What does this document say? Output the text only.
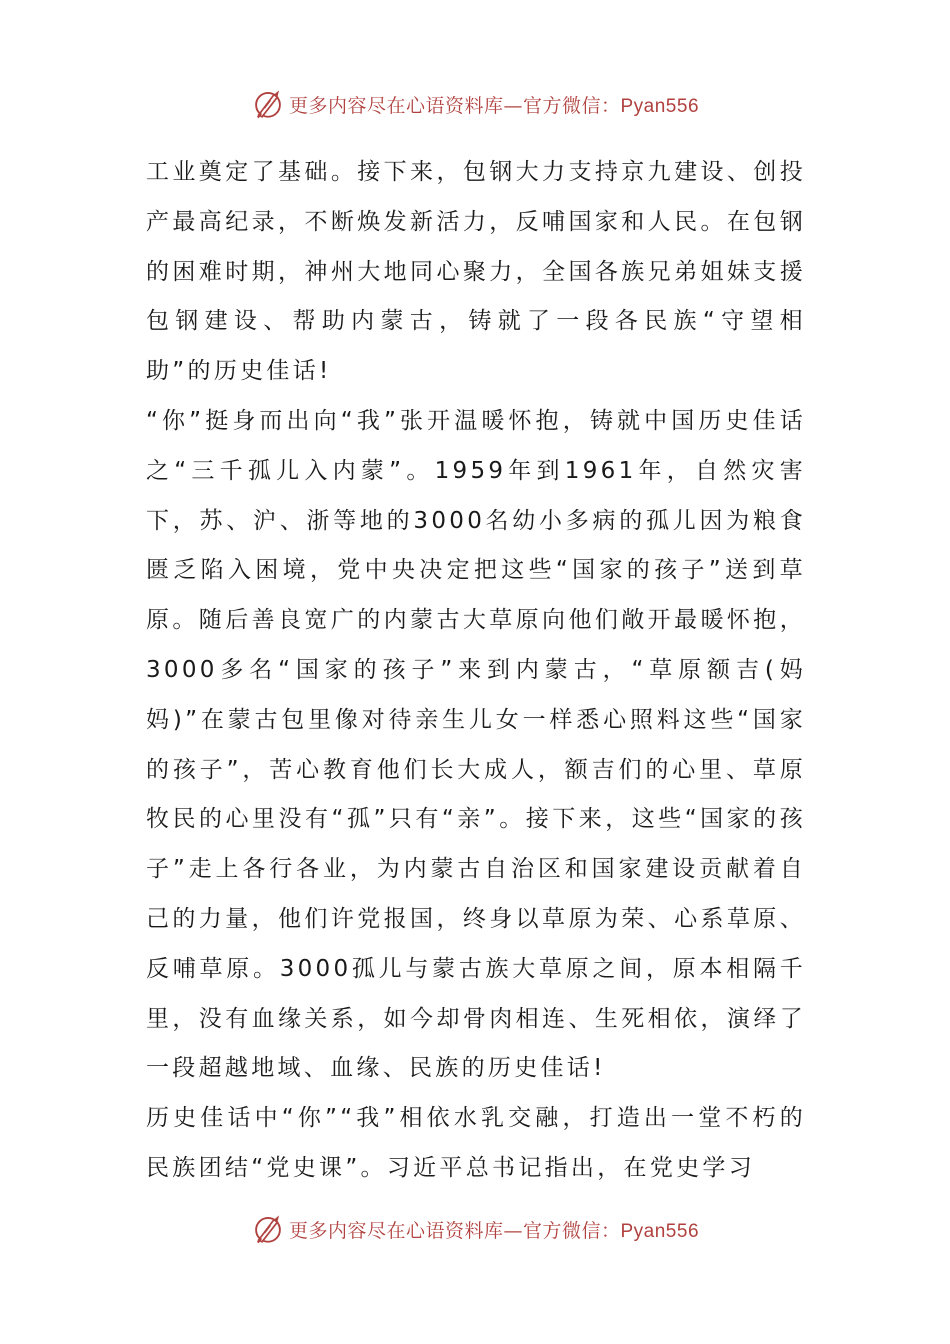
更多内容尽在心语资料库—官方微信：Pyan556

工业奠定了基础。接下来，包钢大力支持京九建设、创投产最高纪录，不断焕发新活力，反哺国家和人民。在包钢的困难时期，神州大地同心聚力，全国各族兄弟姐妹支援包钢建设、帮助内蒙古，铸就了一段各民族“守望相助”的历史佳话!

“你”挺身而出向“我”张开温暖怀抱，铸就中国历史佳话之“三千孤儿入内蒙”。1959年到1961年，自然灾害下，苏、沪、浙等地的3000名幼小多病的孤儿因为粮食匮乏陷入困境，党中央决定把这些“国家的孩子”送到草原。随后善良宽广的内蒙古大草原向他们敞开最暖怀抱，3000多名“国家的孩子”来到内蒙古，“草原额吉(妈妈)”在蒙古包里像对待亲生儿女一样悉心照料这些“国家的孩子”，苦心教育他们长大成人，额吉们的心里、草原牧民的心里没有“孤”只有“亲”。接下来，这些“国家的孩子”走上各行各业，为内蒙古自治区和国家建设贡献着自己的力量，他们许党报国，终身以草原为荣、心系草原、反哺草原。3000孤儿与蒙古族大草原之间，原本相隔千里，没有血缘关系，如今却骨肉相连、生死相依，演绎了一段超越地域、血缘、民族的历史佳话!

历史佳话中“你”“我”相依水乳交融，打造出一堂不朽的民族团结“党史课”。习近平总书记指出，在党史学习

更多内容尽在心语资料库—官方微信：Pyan556
